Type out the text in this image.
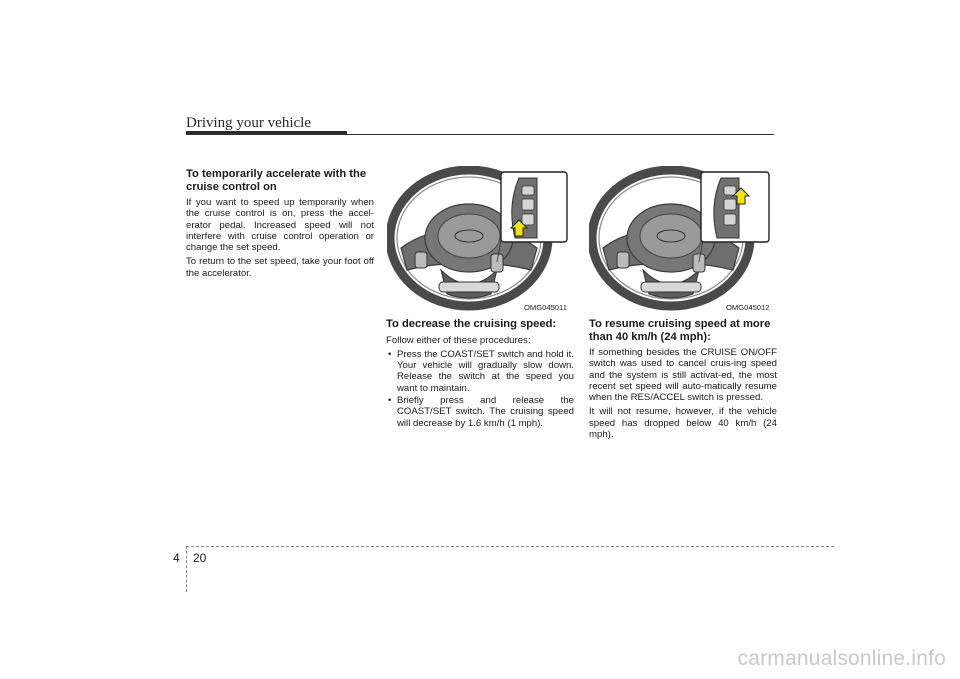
Driving your vehicle
To temporarily accelerate with the cruise control on

If you want to speed up temporarily when the cruise control is on, press the accel-erator pedal. Increased speed will not interfere with cruise control operation or change the set speed.

To return to the set speed, take your foot off the accelerator.

OMG045011
To decrease the cruising speed:

Follow either of these procedures:

• Press the COAST/SET switch and hold it. Your vehicle will gradually slow down. Release the switch at the speed you want to maintain.
• Briefly press and release the COAST/SET switch. The cruising speed will decrease by 1.6 km/h (1 mph).
OMG045012
To resume cruising speed at more than 40 km/h (24 mph):

If something besides the CRUISE ON/OFF switch was used to cancel cruis-ing speed and the system is still activat-ed, the most recent set speed will auto-matically resume when the RES/ACCEL switch is pressed.

It will not resume, however, if the vehicle speed has dropped below 40 km/h (24 mph).

4 20
carmanualsonline.info
